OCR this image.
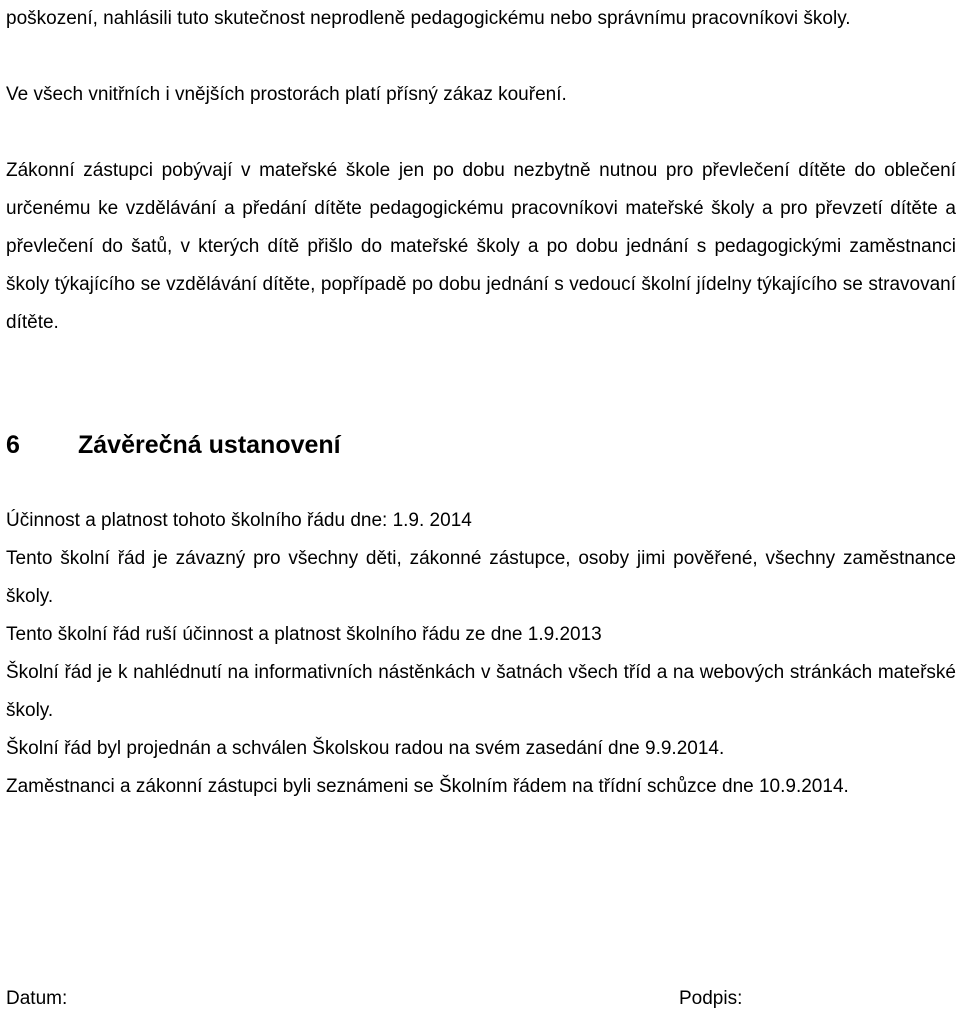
poškození, nahlásili tuto skutečnost neprodleně pedagogickému nebo správnímu pracovníkovi školy.

Ve všech vnitřních i vnějších prostorách platí přísný zákaz kouření.

Zákonní zástupci pobývají v mateřské škole jen po dobu nezbytně nutnou pro převlečení dítěte do oblečení určenému ke vzdělávání a předání dítěte pedagogickému pracovníkovi mateřské školy a pro převzetí dítěte a převlečení do šatů, v kterých dítě přišlo do mateřské školy a po dobu jednání s pedagogickými zaměstnanci školy týkajícího se vzdělávání dítěte, popřípadě po dobu jednání s vedoucí školní jídelny týkajícího se stravovaní dítěte.

6 Závěrečná ustanovení

Účinnost a platnost tohoto školního řádu dne: 1.9. 2014

Tento školní řád je závazný pro všechny děti, zákonné zástupce, osoby jimi pověřené, všechny zaměstnance školy.

Tento školní řád ruší účinnost a platnost školního řádu ze dne 1.9.2013

Školní řád je k nahlédnutí na informativních nástěnkách v šatnách všech tříd a na webových stránkách mateřské školy.

Školní řád byl projednán a schválen Školskou radou na svém zasedání dne 9.9.2014.

Zaměstnanci a zákonní zástupci byli seznámeni se Školním řádem na třídní schůzce dne 10.9.2014.

Datum:	Podpis:
